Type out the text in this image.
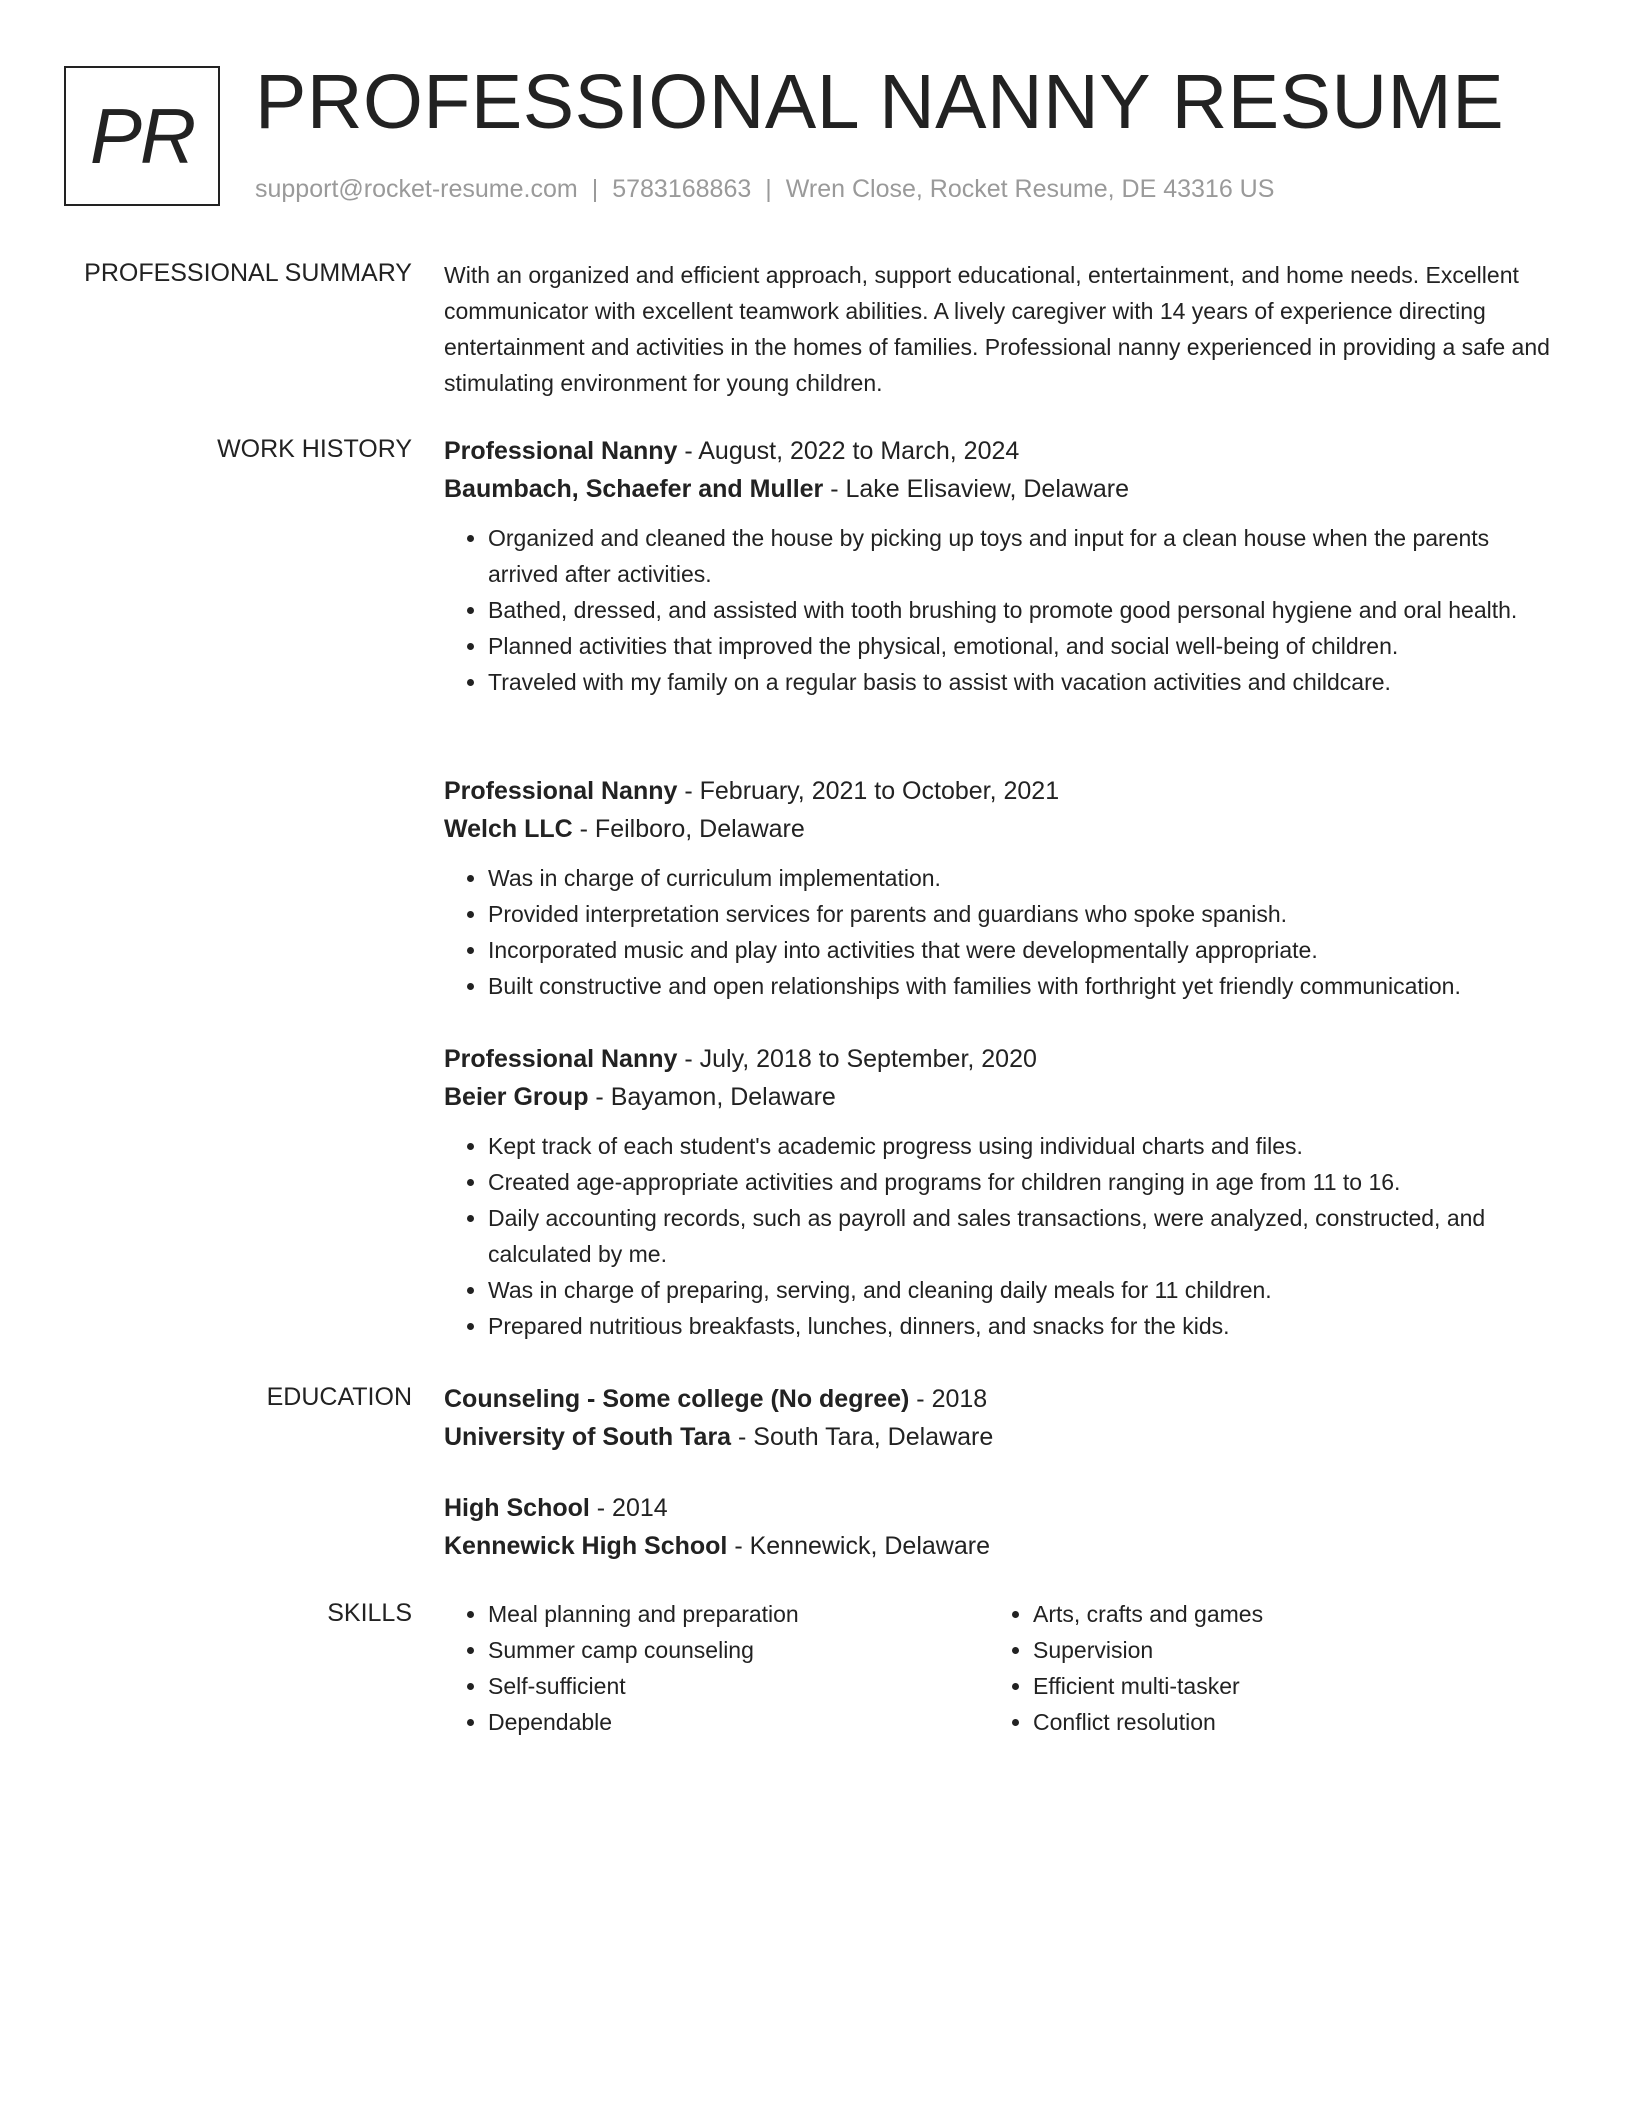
PR PROFESSIONAL NANNY RESUME
support@rocket-resume.com | 5783168863 | Wren Close, Rocket Resume, DE 43316 US
PROFESSIONAL SUMMARY With an organized and efficient approach, support educational, entertainment, and home needs. Excellent communicator with excellent teamwork abilities. A lively caregiver with 14 years of experience directing entertainment and activities in the homes of families. Professional nanny experienced in providing a safe and stimulating environment for young children.

WORK HISTORY Professional Nanny - August, 2022 to March, 2024
Baumbach, Schaefer and Muller - Lake Elisaview, Delaware
• Organized and cleaned the house by picking up toys and input for a clean house when the parents arrived after activities.
• Bathed, dressed, and assisted with tooth brushing to promote good personal hygiene and oral health.
• Planned activities that improved the physical, emotional, and social well-being of children.
• Traveled with my family on a regular basis to assist with vacation activities and childcare.
Professional Nanny - February, 2021 to October, 2021
Welch LLC - Feilboro, Delaware
• Was in charge of curriculum implementation.
• Provided interpretation services for parents and guardians who spoke spanish.
• Incorporated music and play into activities that were developmentally appropriate.
• Built constructive and open relationships with families with forthright yet friendly communication.
Professional Nanny - July, 2018 to September, 2020
Beier Group - Bayamon, Delaware
• Kept track of each student's academic progress using individual charts and files.
• Created age-appropriate activities and programs for children ranging in age from 11 to 16.
• Daily accounting records, such as payroll and sales transactions, were analyzed, constructed, and calculated by me.
• Was in charge of preparing, serving, and cleaning daily meals for 11 children.
• Prepared nutritious breakfasts, lunches, dinners, and snacks for the kids.
EDUCATION Counseling - Some college (No degree) - 2018
University of South Tara - South Tara, Delaware
High School - 2014
Kennewick High School - Kennewick, Delaware
SKILLS
•	Meal planning and preparation
• Summer camp counseling
• Self-sufficient
• Dependable
• Arts, crafts and games
• Supervision
• Efficient multi-tasker
• Conflict resolution
